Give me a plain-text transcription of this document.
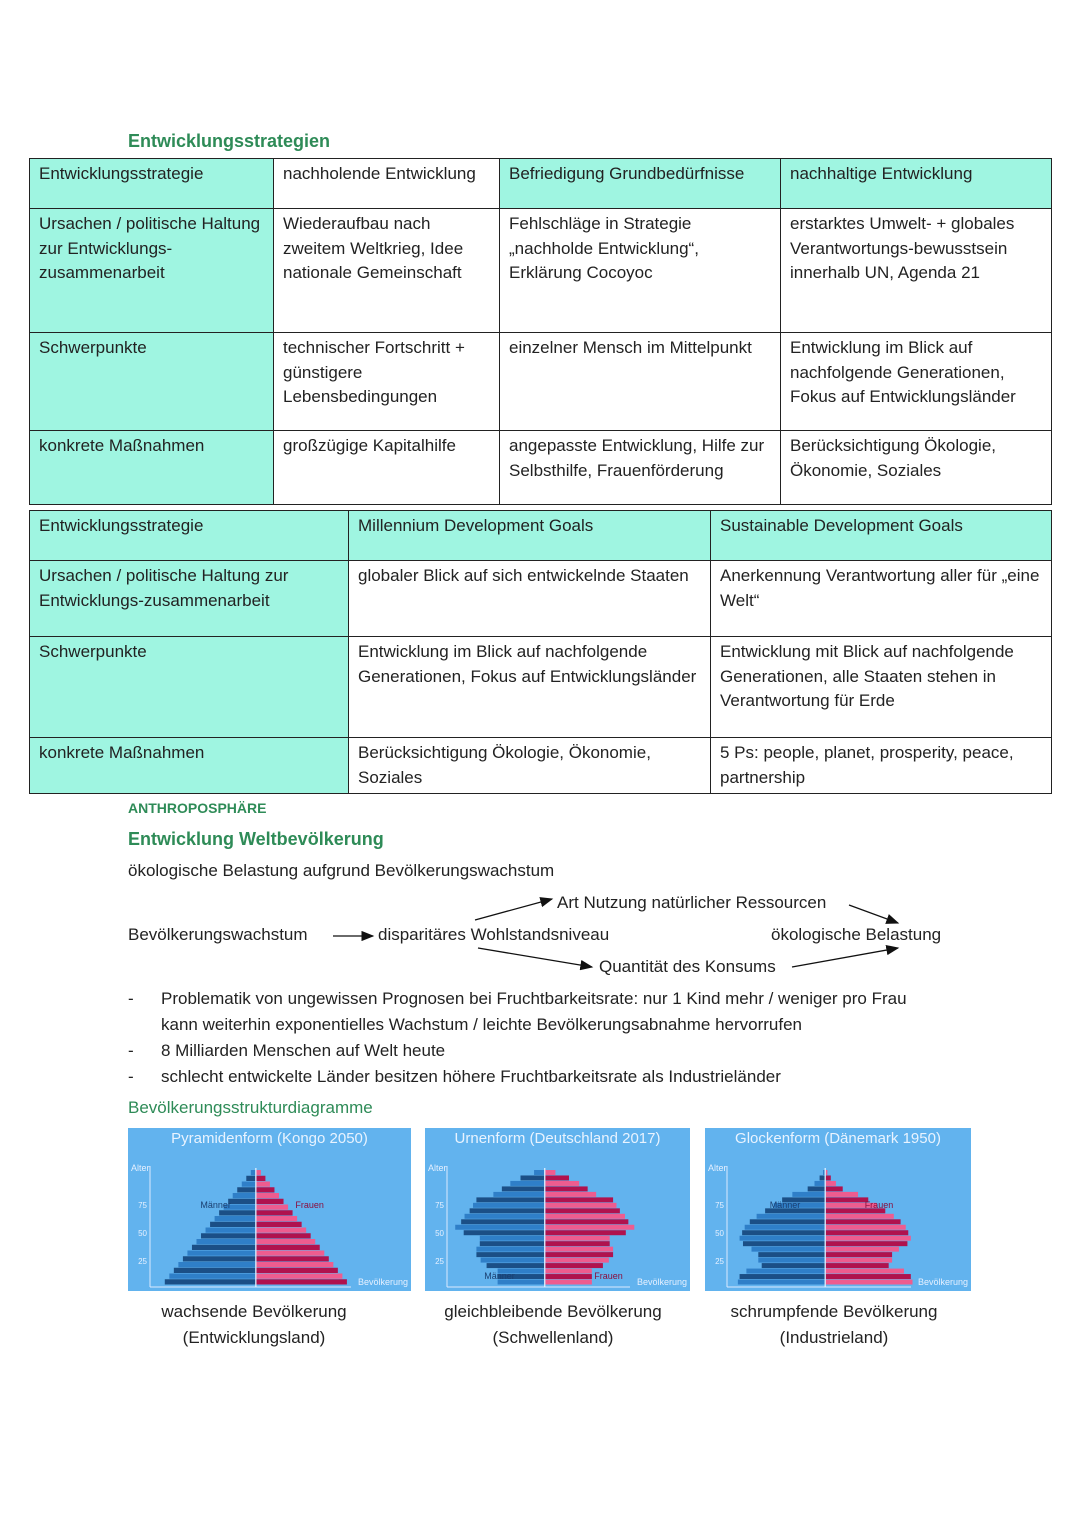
Entwicklungsstrategien
Entwicklungsstrategie	nachholende Entwicklung	Befriedigung Grundbedürfnisse	nachhaltige Entwicklung
Ursachen / politische Haltung zur Entwicklungs-zusammenarbeit	Wiederaufbau nach zweitem Weltkrieg, Idee nationale Gemeinschaft	Fehlschläge in Strategie „nachholde Entwicklung“, Erklärung Cocoyoc	erstarktes Umwelt- + globales Verantwortungs-bewusstsein innerhalb UN, Agenda 21
Schwerpunkte	technischer Fortschritt + günstigere Lebensbedingungen	einzelner Mensch im Mittelpunkt	Entwicklung im Blick auf nachfolgende Generationen, Fokus auf Entwicklungsländer
konkrete Maßnahmen	großzügige Kapitalhilfe	angepasste Entwicklung, Hilfe zur Selbsthilfe, Frauenförderung	Berücksichtigung Ökologie, Ökonomie, Soziales
Entwicklungsstrategie	Millennium Development Goals	Sustainable Development Goals
Ursachen / politische Haltung zur Entwicklungs-zusammenarbeit	globaler Blick auf sich entwickelnde Staaten	Anerkennung Verantwortung aller für „eine Welt“
Schwerpunkte	Entwicklung im Blick auf nachfolgende Generationen, Fokus auf Entwicklungsländer	Entwicklung mit Blick auf nachfolgende Generationen, alle Staaten stehen in Verantwortung für Erde
konkrete Maßnahmen	Berücksichtigung Ökologie, Ökonomie, Soziales	5 Ps: people, planet, prosperity, peace, partnership
ANTHROPOSPHÄRE
Entwicklung Weltbevölkerung
ökologische Belastung aufgrund Bevölkerungswachstum
Bevölkerungswachstum	disparitäres Wohlstandsniveau
Art Nutzung natürlicher Ressourcen
Quantität des Konsums
ökologische Belastung
- Problematik von ungewissen Prognosen bei Fruchtbarkeitsrate: nur 1 Kind mehr / weniger pro Frau kann weiterhin exponentielles Wachstum / leichte Bevölkerungsabnahme hervorrufen
- 8 Milliarden Menschen auf Welt heute
- schlecht entwickelte Länder besitzen höhere Fruchtbarkeitsrate als Industrieländer
Bevölkerungsstrukturdiagramme
Pyramidenform (Kongo 2050)
Alter
Bevölkerung
75
50
25
Männer	Frauen
Urnenform (Deutschland 2017)
Alter
Bevölkerung
75
50
25
Männer	Frauen
Glockenform (Dänemark 1950)
Alter
Bevölkerung
75
50
25
Männer	Frauen
wachsende Bevölkerung
(Entwicklungsland)
gleichbleibende Bevölkerung
(Schwellenland)
schrumpfende Bevölkerung
(Industrieland)
